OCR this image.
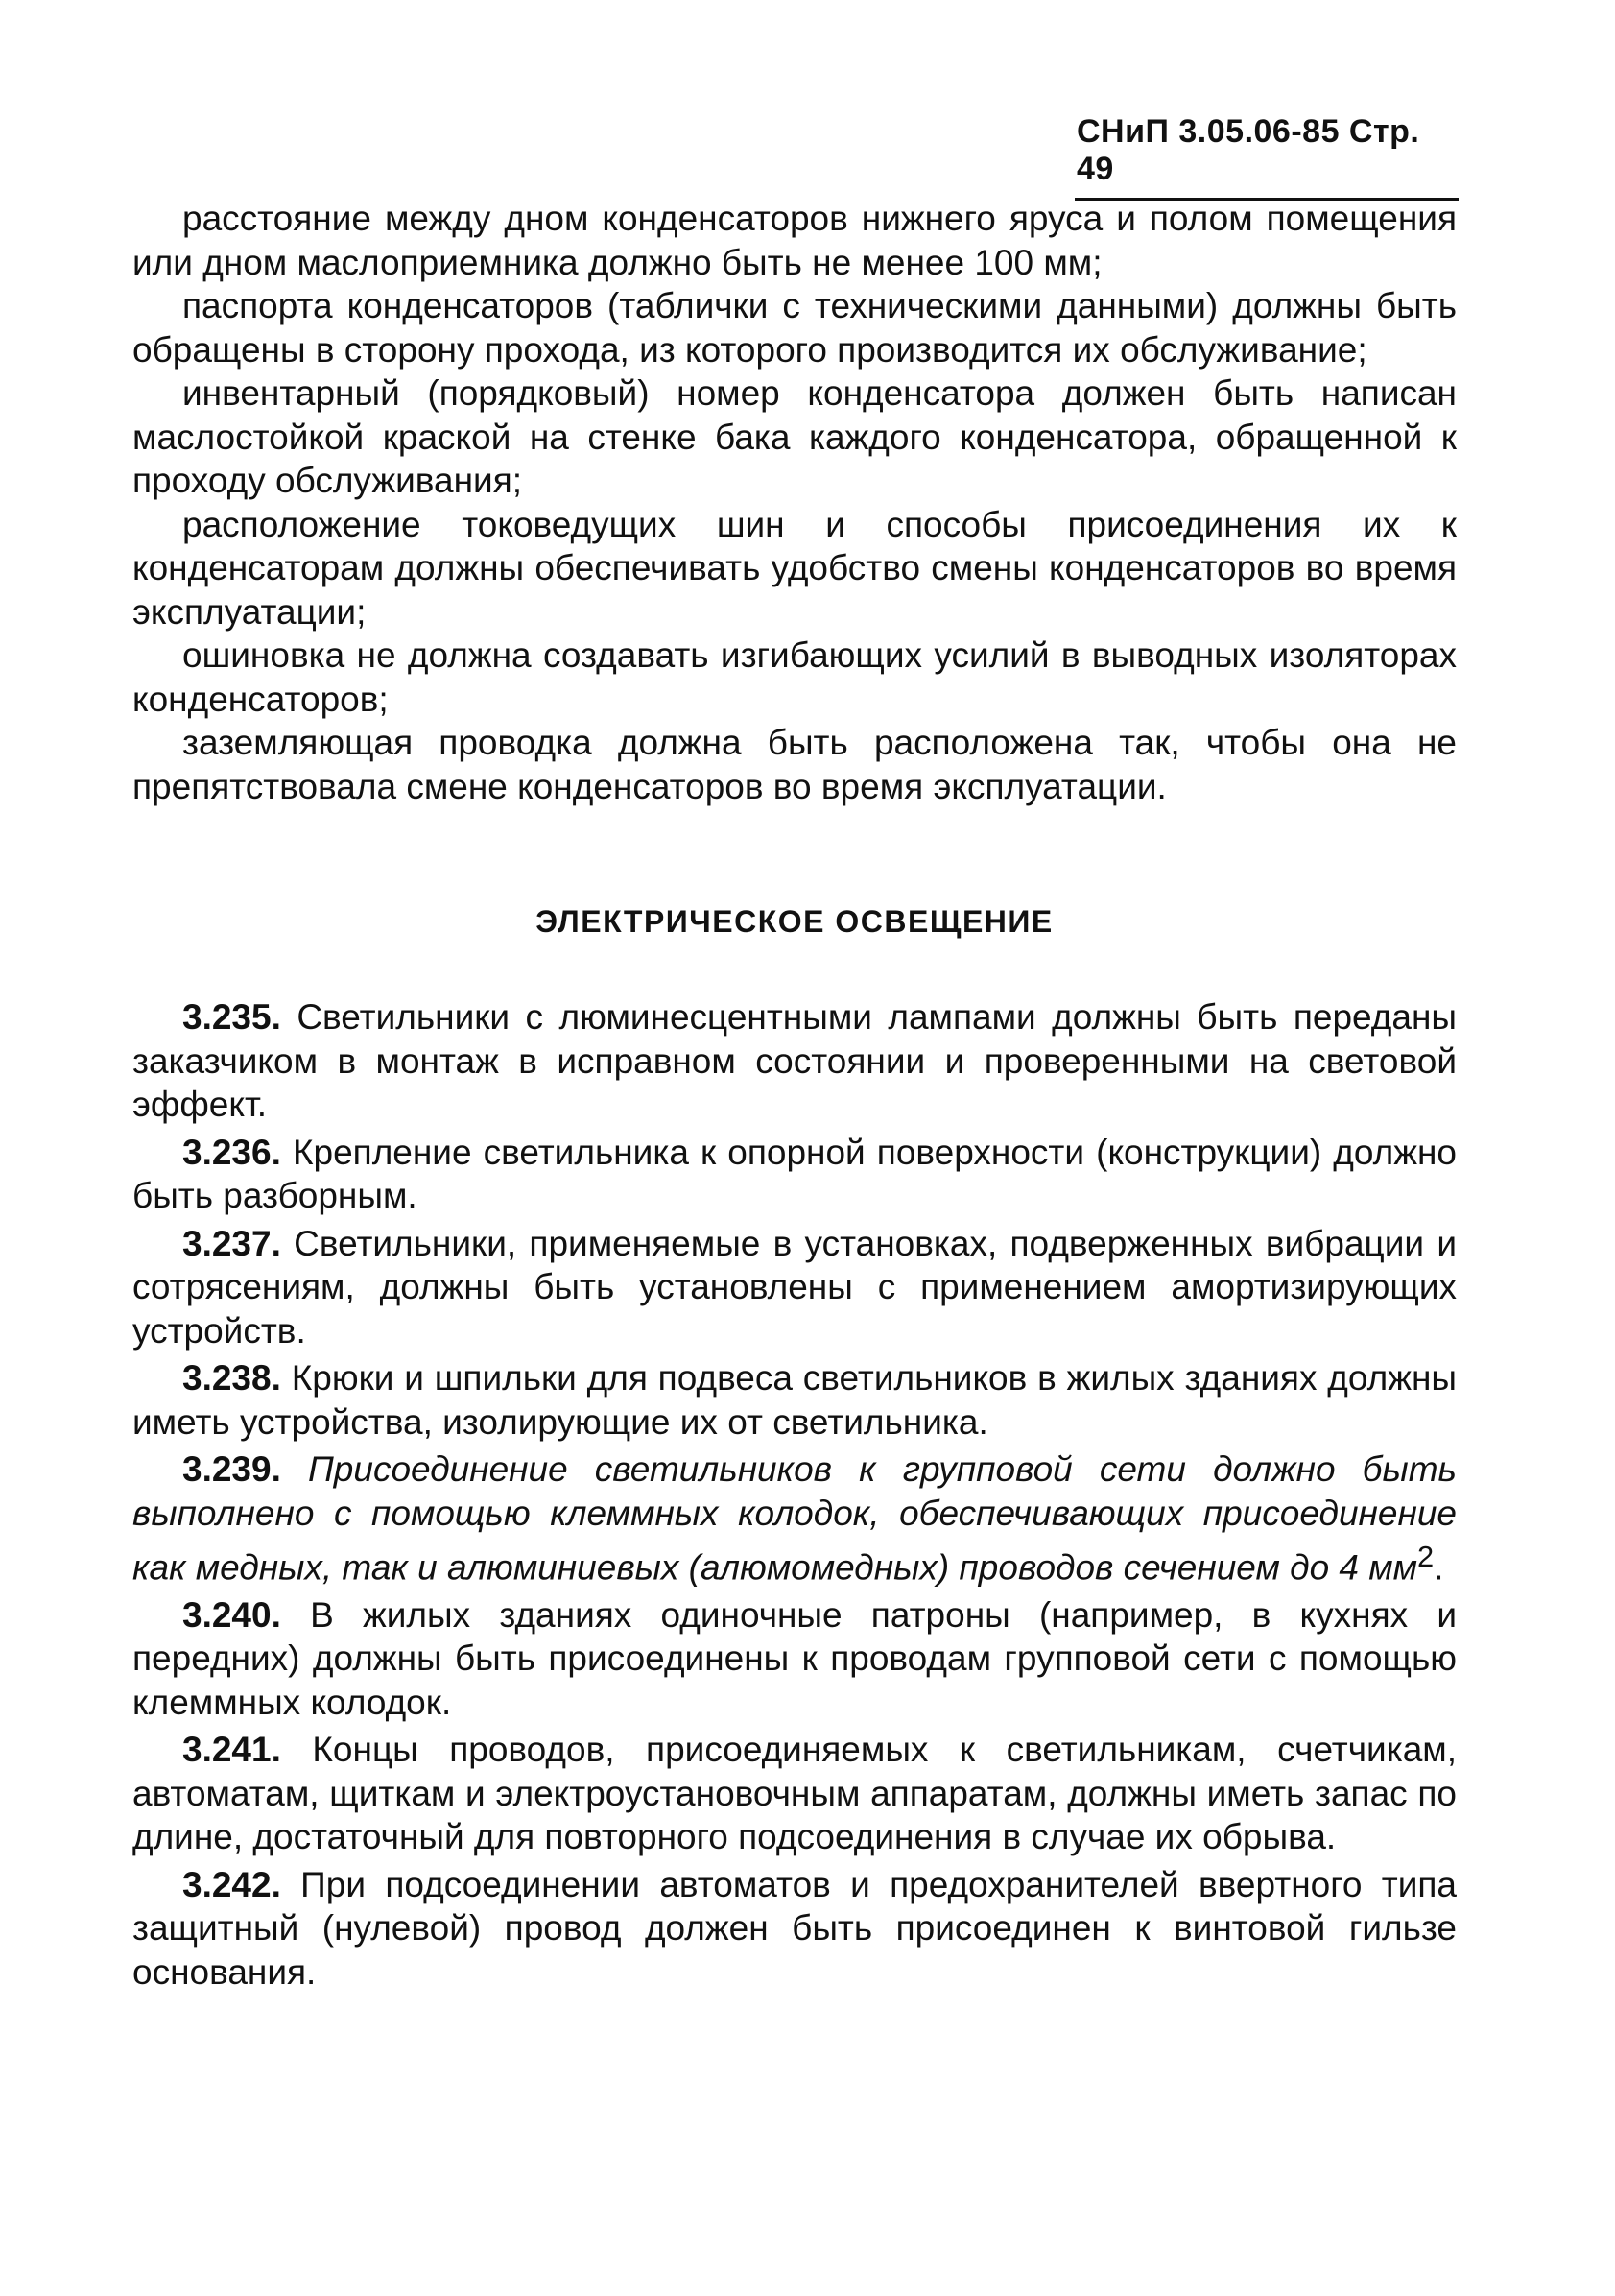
СНиП 3.05.06-85 Стр. 49

расстояние между дном конденсаторов нижнего яруса и полом помещения или дном маслоприемника должно быть не менее 100 мм;

паспорта конденсаторов (таблички с техническими данными) должны быть обращены в сторону прохода, из которого производится их обслуживание;

инвентарный (порядковый) номер конденсатора должен быть написан маслостойкой краской на стенке бака каждого конденсатора, обращенной к проходу обслуживания;

расположение токоведущих шин и способы присоединения их к конденсаторам должны обеспечивать удобство смены конденсаторов во время эксплуатации;

ошиновка не должна создавать изгибающих усилий в выводных изоляторах конденсаторов;

заземляющая проводка должна быть расположена так, чтобы она не препятствовала смене конденсаторов во время эксплуатации.

ЭЛЕКТРИЧЕСКОЕ ОСВЕЩЕНИЕ

3.235. Светильники с люминесцентными лампами должны быть переданы заказчиком в монтаж в исправном состоянии и проверенными на световой эффект.

3.236. Крепление светильника к опорной поверхности (конструкции) должно быть разборным.

3.237. Светильники, применяемые в установках, подверженных вибрации и сотрясениям, должны быть установлены с применением амортизирующих устройств.

3.238. Крюки и шпильки для подвеса светильников в жилых зданиях должны иметь устройства, изолирующие их от светильника.

3.239. Присоединение светильников к групповой сети должно быть выполнено с помощью клеммных колодок, обеспечивающих присоединение как медных, так и алюминиевых (алюмомедных) проводов сечением до 4 $мм^2$.

3.240. В жилых зданиях одиночные патроны (например, в кухнях и передних) должны быть присоединены к проводам групповой сети с помощью клеммных колодок.

3.241. Концы проводов, присоединяемых к светильникам, счетчикам, автоматам, щиткам и электроустановочным аппаратам, должны иметь запас по длине, достаточный для повторного подсоединения в случае их обрыва.

3.242. При подсоединении автоматов и предохранителей ввертного типа защитный (нулевой) провод должен быть присоединен к винтовой гильзе основания.
